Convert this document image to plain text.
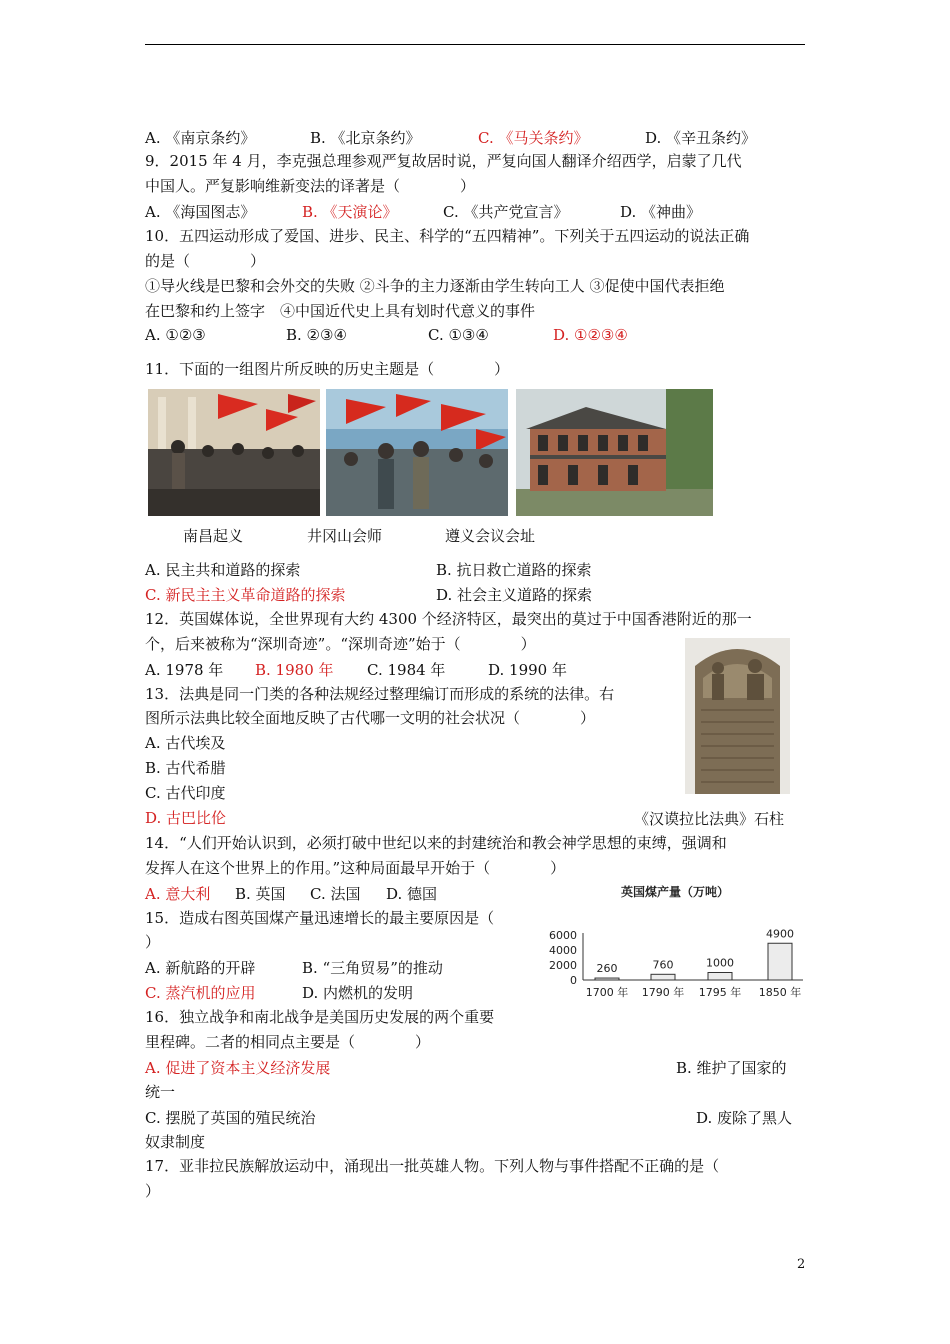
A. 《南京条约》	B. 《北京条约》	C. 《马关条约》	D. 《辛丑条约》
9．2015 年 4 月，李克强总理参观严复故居时说，严复向国人翻译介绍西学，启蒙了几代
中国人。严复影响维新变法的译著是（　　　　）
A. 《海国图志》	B. 《天演论》	C. 《共产党宣言》	D. 《神曲》
10．五四运动形成了爱国、进步、民主、科学的“五四精神”。下列关于五四运动的说法正确
的是（　　　　）
①导火线是巴黎和会外交的失败 ②斗争的主力逐渐由学生转向工人 ③促使中国代表拒绝
在巴黎和约上签字　④中国近代史上具有划时代意义的事件
A. ①②③	B. ②③④	C. ①③④	D. ①②③④
11．下面的一组图片所反映的历史主题是（　　　　）
南昌起义	井冈山会师	遵义会议会址
A. 民主共和道路的探索	B. 抗日救亡道路的探索
C. 新民主主义革命道路的探索	D. 社会主义道路的探索
12．英国媒体说，全世界现有大约 4300 个经济特区，最突出的莫过于中国香港附近的那一
个，后来被称为“深圳奇迹”。“深圳奇迹”始于（　　　　）
A. 1978 年 B. 1980 年 C. 1984 年	D. 1990 年
13．法典是同一门类的各种法规经过整理编订而形成的系统的法律。右
图所示法典比较全面地反映了古代哪一文明的社会状况（　　　　）
A. 古代埃及
B. 古代希腊
C. 古代印度
D. 古巴比伦	《汉谟拉比法典》石柱
14．“人们开始认识到，必须打破中世纪以来的封建统治和教会神学思想的束缚，强调和
发挥人在这个世界上的作用。”这种局面最早开始于（　　　　）
A. 意大利 B. 英国 C. 法国 D. 德国	英国煤产量（万吨）
6000
4000
2000
0
260
1700 年
760
1790 年
1000
1795 年
4900
1850 年
15．造成右图英国煤产量迅速增长的最主要原因是（
）
A. 新航路的开辟	B. “三角贸易”的推动
C. 蒸汽机的应用	D. 内燃机的发明
16．独立战争和南北战争是美国历史发展的两个重要
里程碑。二者的相同点主要是（　　　　）
A. 促进了资本主义经济发展	B. 维护了国家的
统一
C. 摆脱了英国的殖民统治	D. 废除了黑人
奴隶制度
17．亚非拉民族解放运动中，涌现出一批英雄人物。下列人物与事件搭配不正确的是（
）
2
